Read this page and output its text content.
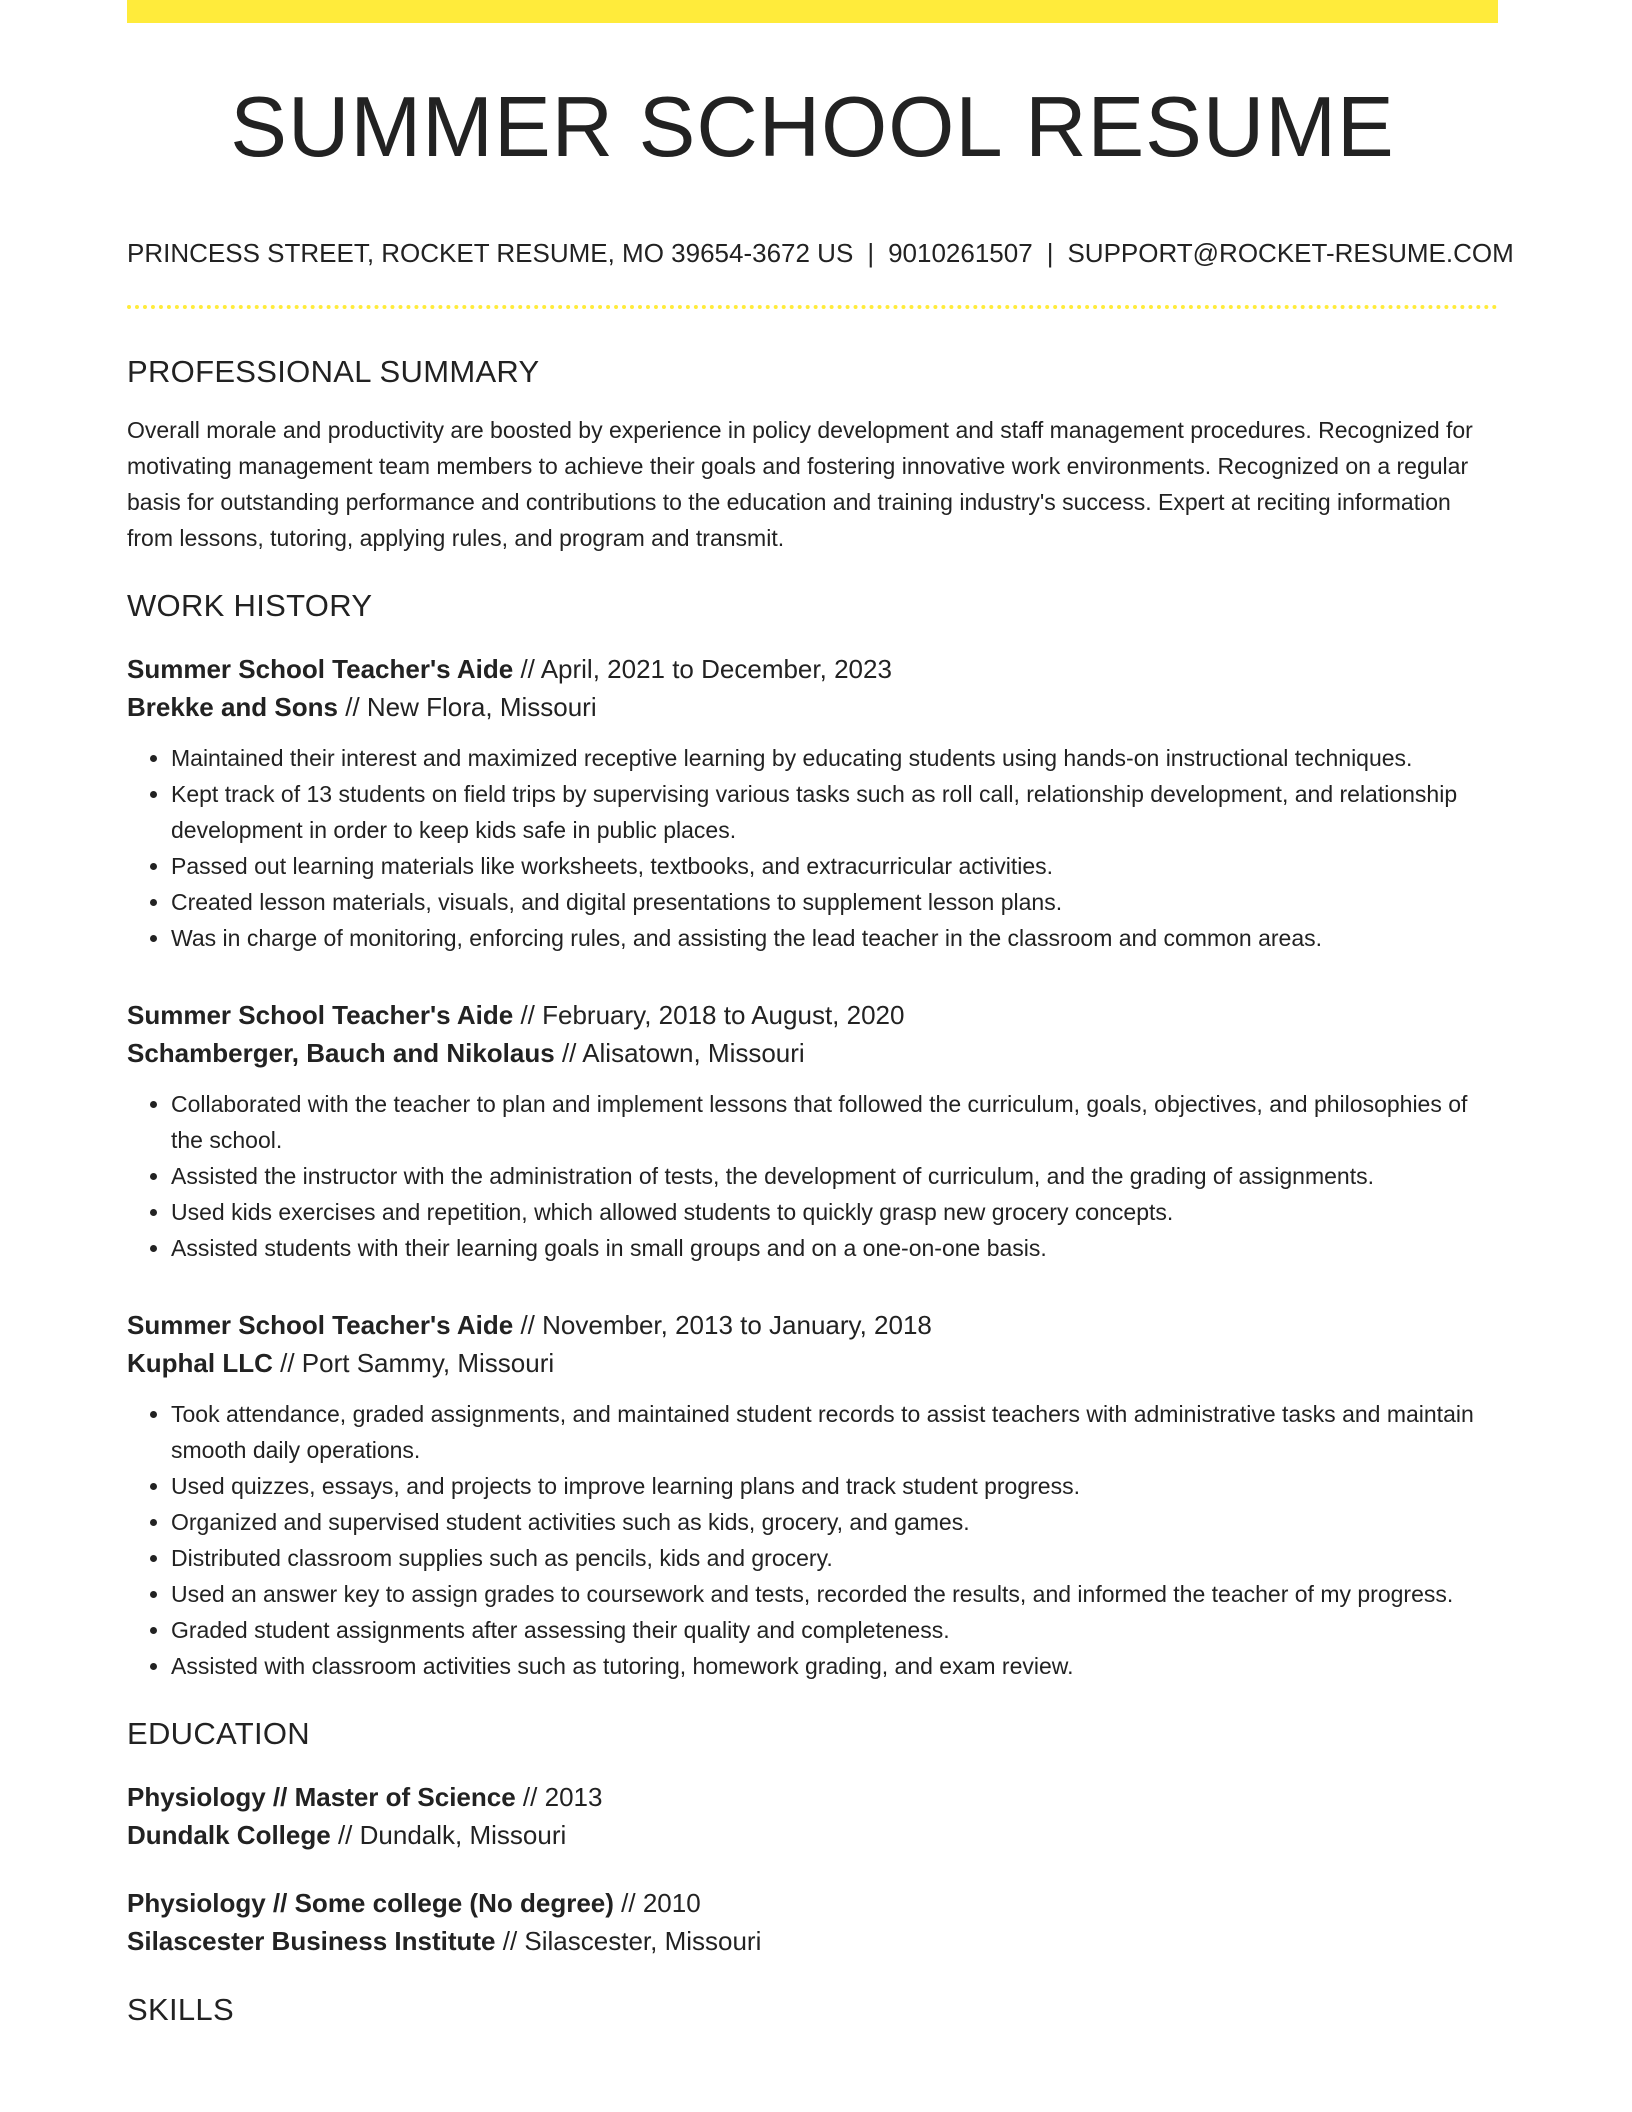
SUMMER SCHOOL RESUME
PRINCESS STREET, ROCKET RESUME, MO 39654-3672 US | 9010261507 | SUPPORT@ROCKET-RESUME.COM
PROFESSIONAL SUMMARY

Overall morale and productivity are boosted by experience in policy development and staff management procedures. Recognized for motivating management team members to achieve their goals and fostering innovative work environments. Recognized on a regular basis for outstanding performance and contributions to the education and training industry's success. Expert at reciting information from lessons, tutoring, applying rules, and program and transmit.

WORK HISTORY
Summer School Teacher's Aide // April, 2021 to December, 2023
Brekke and Sons // New Flora, Missouri
• Maintained their interest and maximized receptive learning by educating students using hands-on instructional techniques.
• Kept track of 13 students on field trips by supervising various tasks such as roll call, relationship development, and relationship development in order to keep kids safe in public places.
• Passed out learning materials like worksheets, textbooks, and extracurricular activities.
• Created lesson materials, visuals, and digital presentations to supplement lesson plans.
• Was in charge of monitoring, enforcing rules, and assisting the lead teacher in the classroom and common areas.
Summer School Teacher's Aide // February, 2018 to August, 2020
Schamberger, Bauch and Nikolaus // Alisatown, Missouri
• Collaborated with the teacher to plan and implement lessons that followed the curriculum, goals, objectives, and philosophies of the school.
• Assisted the instructor with the administration of tests, the development of curriculum, and the grading of assignments.
• Used kids exercises and repetition, which allowed students to quickly grasp new grocery concepts.
• Assisted students with their learning goals in small groups and on a one-on-one basis.
Summer School Teacher's Aide // November, 2013 to January, 2018
Kuphal LLC // Port Sammy, Missouri
• Took attendance, graded assignments, and maintained student records to assist teachers with administrative tasks and maintain smooth daily operations.
• Used quizzes, essays, and projects to improve learning plans and track student progress.
• Organized and supervised student activities such as kids, grocery, and games.
• Distributed classroom supplies such as pencils, kids and grocery.
• Used an answer key to assign grades to coursework and tests, recorded the results, and informed the teacher of my progress.
• Graded student assignments after assessing their quality and completeness.
• Assisted with classroom activities such as tutoring, homework grading, and exam review.
EDUCATION
Physiology // Master of Science // 2013
Dundalk College // Dundalk, Missouri
Physiology // Some college (No degree) // 2010
Silascester Business Institute // Silascester, Missouri
SKILLS
